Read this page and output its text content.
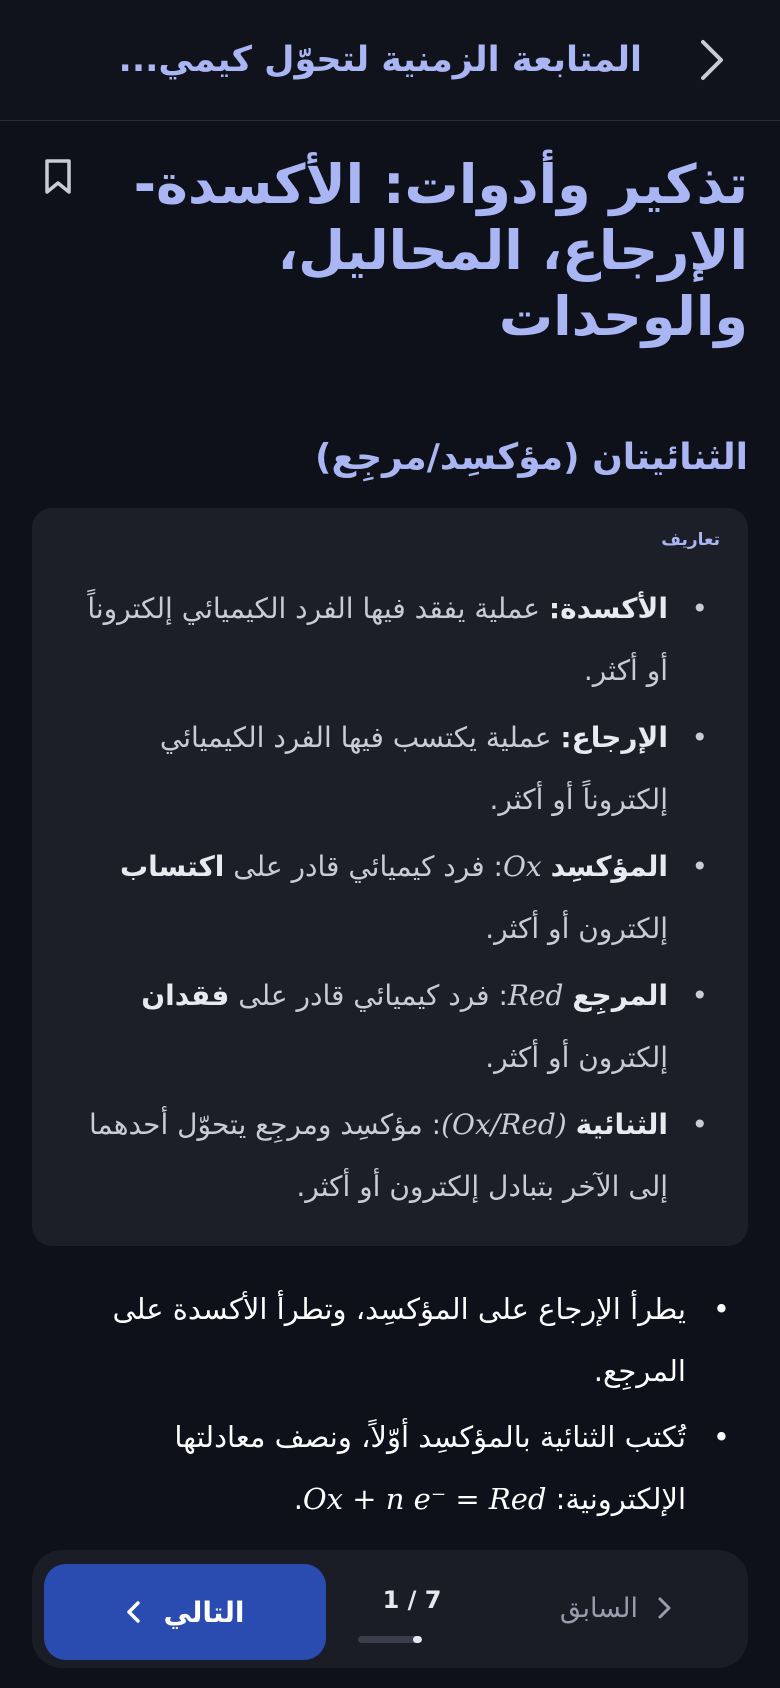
المتابعة الزمنية لتحوّل كيمي...
تذكير وأدوات: الأكسدة-الإرجاع، المحاليل، والوحدات
الثنائيتان (مؤكسِد/مرجِع)
تعاريف
• الأكسدة: عملية يفقد فيها الفرد الكيميائي إلكتروناً أو أكثر.
• الإرجاع: عملية يكتسب فيها الفرد الكيميائي إلكتروناً أو أكثر.
• المؤكسِد Ox: فرد كيميائي قادر على اكتساب إلكترون أو أكثر.
• المرجِع Red: فرد كيميائي قادر على فقدان إلكترون أو أكثر.
• الثنائية (Ox/Red): مؤكسِد ومرجِع يتحوّل أحدهما إلى الآخر بتبادل إلكترون أو أكثر.
• يطرأ الإرجاع على المؤكسِد، وتطرأ الأكسدة على المرجِع.
• تُكتب الثنائية بالمؤكسِد أوّلاً، ونصف معادلتها الإلكترونية: Ox + n e⁻ = Red.
السابق
1 / 7
التالي
